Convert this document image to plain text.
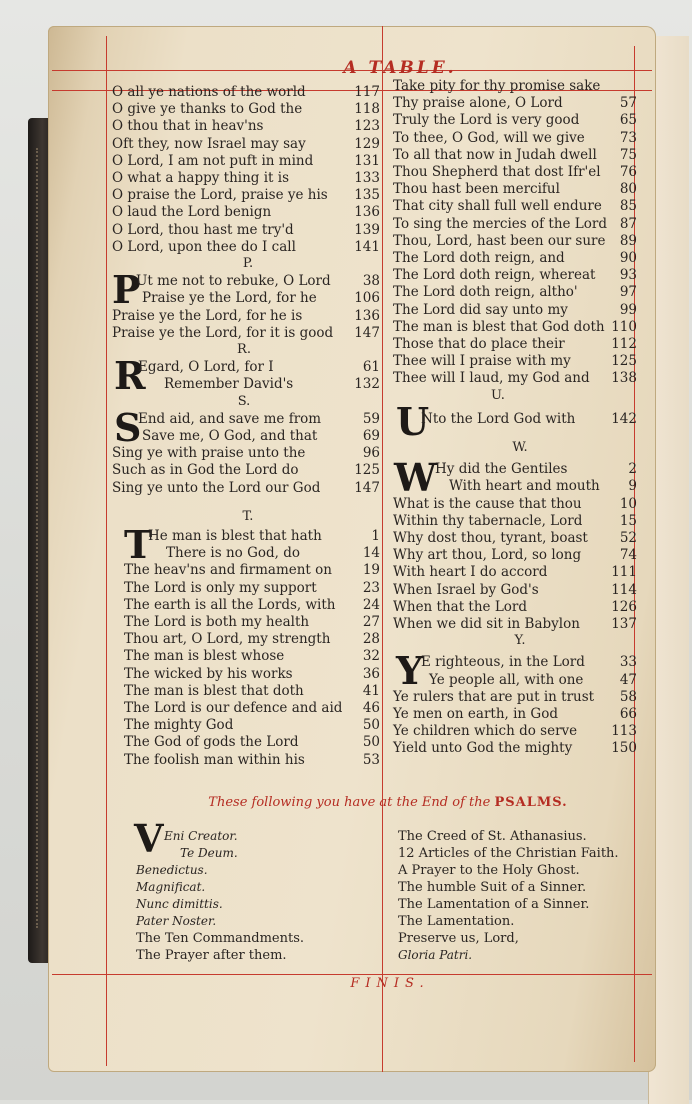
A TABLE.
O all ye nations of the world	117
O give ye thanks to God the	118
O thou that in heav'ns	123
Oft they, now Israel may say	129
O Lord, I am not puft in mind	131
O what a happy thing it is	133
O praise the Lord, praise ye his 135
O laud the Lord benign	136
O Lord, thou hast me try'd	139
O Lord, upon thee do I call	141
P.
P
Ut me not to rebuke, O Lord 38
Praise ye the Lord, for he	106
Praise ye the Lord, for he is	136
Praise ye the Lord, for it is good 147
R.
R
Egard, O Lord, for I	61
Remember David's	132
S.
S
End aid, and save me from	59
Save me, O God, and that	69
Sing ye with praise unto the	96
Such as in God the Lord do	125
Sing ye unto the Lord our God	147
T.
T
He man is blest that hath	1
There is no God, do	14
The heav'ns and firmament on 19
The Lord is only my support	23
The earth is all the Lords, with 24
The Lord is both my health	27
Thou art, O Lord, my strength 28
The man is blest whose	32
The wicked by his works	36
The man is blest that doth	41
The Lord is our defence and aid 46
The mighty God	50
The God of gods the Lord	50
The foolish man within his	53
Take pity for thy promise sake
Thy praise alone, O Lord	57
Truly the Lord is very good	65
To thee, O God, will we give	73
To all that now in Judah dwell 75
Thou Shepherd that dost Ifr'el 76
Thou hast been merciful	80
That city shall full well endure 85
To sing the mercies of the Lord 87
Thou, Lord, hast been our sure 89
The Lord doth reign, and	90
The Lord doth reign, whereat 93
The Lord doth reign, altho'	97
The Lord did say unto my	99
The man is blest that God doth 110
Those that do place their	112
Thee will I praise with my	125
Thee will I laud, my God and 138
U.
U
Nto the Lord God with	142
W.
W
Hy did the Gentiles	2
With heart and mouth 9
What is the cause that thou	10
Within thy tabernacle, Lord	15
Why dost thou, tyrant, boast 52
Why art thou, Lord, so long	74
With heart I do accord	111
When Israel by God's	114
When that the Lord	126
When we did sit in Babylon 137
Y.
Y
E righteous, in the Lord	33
Ye people all, with one	47
Ye rulers that are put in trust 58
Ye men on earth, in God	66
Ye children which do serve	113
Yield unto God the mighty	150
These following you have at the End of the PSALMS.
V Eni Creator.
Te Deum.
Benedictus.
Magnificat.
Nunc dimittis.
Pater Noster.
The Ten Commandments.
The Prayer after them.
The Creed of St. Athanasius.
12 Articles of the Christian Faith.
A Prayer to the Holy Ghost.
The humble Suit of a Sinner.
The Lamentation of a Sinner.
The Lamentation.
Preserve us, Lord,
Gloria Patri.
FINIS.
